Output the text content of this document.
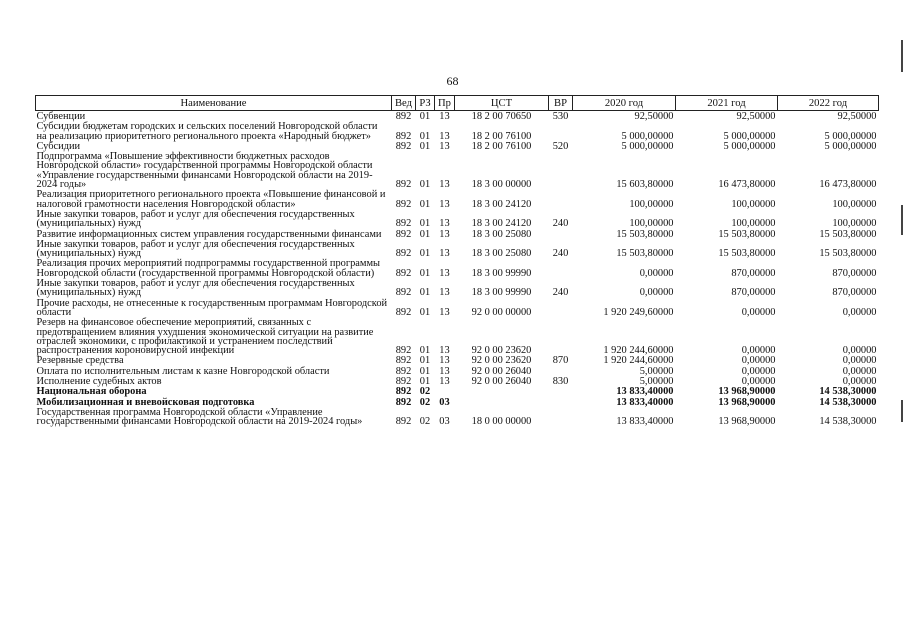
68
Наименование	Вед	РЗ	Пр	ЦСТ	ВР	2020 год	2021 год	2022 год
Субвенции	892	01	13	18 2 00 70650	530	92,50000	92,50000	92,50000
Субсидии бюджетам городских и сельских поселений Новгородской области на реализацию приоритетного регионального проекта «Народный бюджет»	892	01	13	18 2 00 76100		5 000,00000	5 000,00000	5 000,00000
Субсидии	892	01	13	18 2 00 76100	520	5 000,00000	5 000,00000	5 000,00000
Подпрограмма «Повышение эффективности бюджетных расходов Новгородской области» государственной программы Новгородской области «Управление государственными финансами Новгородской области на 2019-2024 годы»	892	01	13	18 3 00 00000		15 603,80000	16 473,80000	16 473,80000
Реализация приоритетного регионального проекта «Повышение финансовой и налоговой грамотности населения Новгородской области»	892	01	13	18 3 00 24120		100,00000	100,00000	100,00000
Иные закупки товаров, работ и услуг для обеспечения государственных (муниципальных) нужд	892	01	13	18 3 00 24120	240	100,00000	100,00000	100,00000
Развитие информационных систем управления государственными финансами	892	01	13	18 3 00 25080		15 503,80000	15 503,80000	15 503,80000
Иные закупки товаров, работ и услуг для обеспечения государственных (муниципальных) нужд	892	01	13	18 3 00 25080	240	15 503,80000	15 503,80000	15 503,80000
Реализация прочих мероприятий подпрограммы государственной программы Новгородской области (государственной программы Новгородской области)	892	01	13	18 3 00 99990		0,00000	870,00000	870,00000
Иные закупки товаров, работ и услуг для обеспечения государственных (муниципальных) нужд	892	01	13	18 3 00 99990	240	0,00000	870,00000	870,00000
Прочие расходы, не отнесенные к государственным программам Новгородской области	892	01	13	92 0 00 00000		1 920 249,60000	0,00000	0,00000
Резерв на финансовое обеспечение мероприятий, связанных с предотвращением влияния ухудшения экономической ситуации на развитие отраслей экономики, с профилактикой и устранением последствий распространения короновирусной инфекции	892	01	13	92 0 00 23620		1 920 244,60000	0,00000	0,00000
Резервные средства	892	01	13	92 0 00 23620	870	1 920 244,60000	0,00000	0,00000
Оплата по исполнительным листам к казне Новгородской области	892	01	13	92 0 00 26040		5,00000	0,00000	0,00000
Исполнение судебных актов	892	01	13	92 0 00 26040	830	5,00000	0,00000	0,00000
Национальная оборона	892	02				13 833,40000	13 968,90000	14 538,30000
Мобилизационная и вневойсковая подготовка	892	02	03			13 833,40000	13 968,90000	14 538,30000
Государственная программа Новгородской области «Управление государственными финансами Новгородской области на 2019-2024 годы»	892	02	03	18 0 00 00000		13 833,40000	13 968,90000	14 538,30000
